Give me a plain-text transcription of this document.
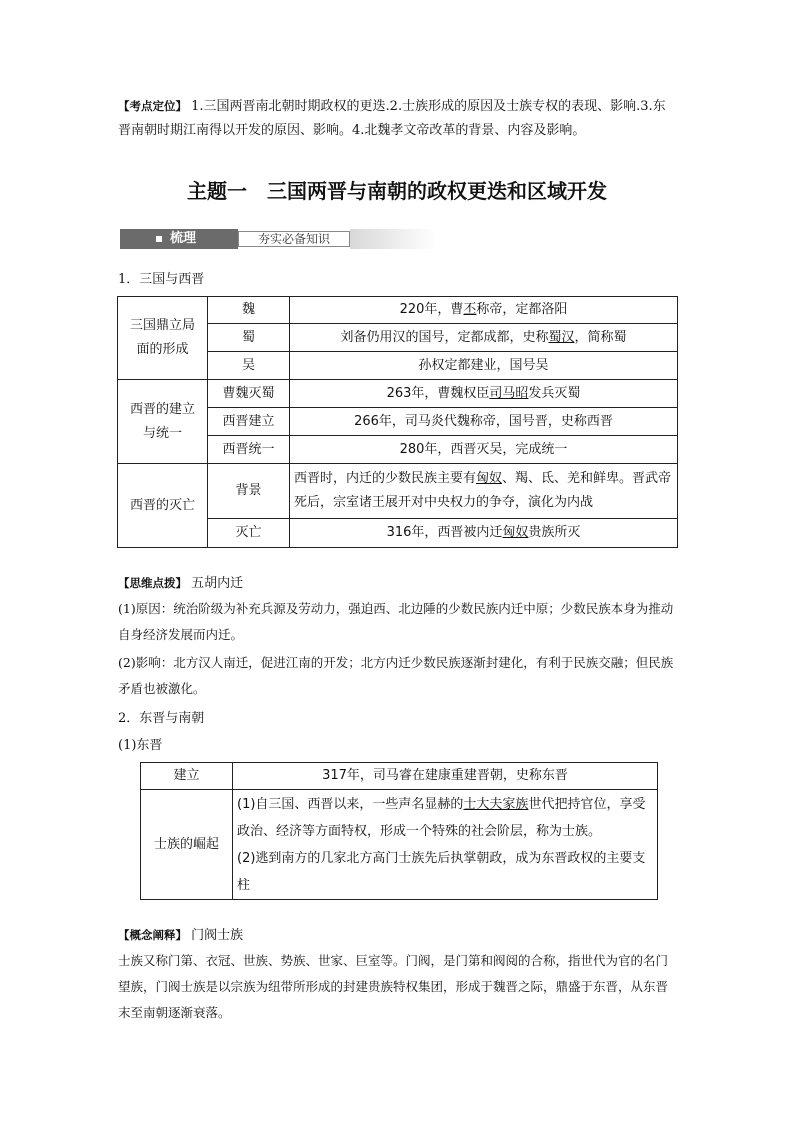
【考点定位】 1.三国两晋南北朝时期政权的更迭.2.士族形成的原因及士族专权的表现、影响.3.东晋南朝时期江南得以开发的原因、影响。4.北魏孝文帝改革的背景、内容及影响。

主题一　三国两晋与南朝的政权更迭和区域开发
梳理	夯实必备知识

1．三国与西晋

三国鼎立局
面的形成	魏	220年，曹丕称帝，定都洛阳
	蜀	刘备仍用汉的国号，定都成都，史称蜀汉，简称蜀
	吴	孙权定都建业，国号吴
西晋的建立
与统一	曹魏灭蜀	263年，曹魏权臣司马昭发兵灭蜀
	西晋建立	266年，司马炎代魏称帝，国号晋，史称西晋
	西晋统一	280年，西晋灭吴，完成统一
西晋的灭亡	背景	西晋时，内迁的少数民族主要有匈奴、羯、氐、羌和鲜卑。晋武帝死后，宗室诸王展开对中央权力的争夺，演化为内战
	灭亡	316年，西晋被内迁匈奴贵族所灭

【思维点拨】 五胡内迁

(1)原因：统治阶级为补充兵源及劳动力，强迫西、北边陲的少数民族内迁中原；少数民族本身为推动自身经济发展而内迁。

(2)影响：北方汉人南迁，促进江南的开发；北方内迁少数民族逐渐封建化，有利于民族交融；但民族矛盾也被激化。

2．东晋与南朝

(1)东晋

建立	317年，司马睿在建康重建晋朝，史称东晋
士族的崛起	(1)自三国、西晋以来，一些声名显赫的士大夫家族世代把持官位，享受政治、经济等方面特权，形成一个特殊的社会阶层，称为士族。
(2)逃到南方的几家北方高门士族先后执掌朝政，成为东晋政权的主要支柱

【概念阐释】 门阀士族

士族又称门第、衣冠、世族、势族、世家、巨室等。门阀，是门第和阀阅的合称，指世代为官的名门望族，门阀士族是以宗族为纽带所形成的封建贵族特权集团，形成于魏晋之际，鼎盛于东晋，从东晋末至南朝逐渐衰落。
